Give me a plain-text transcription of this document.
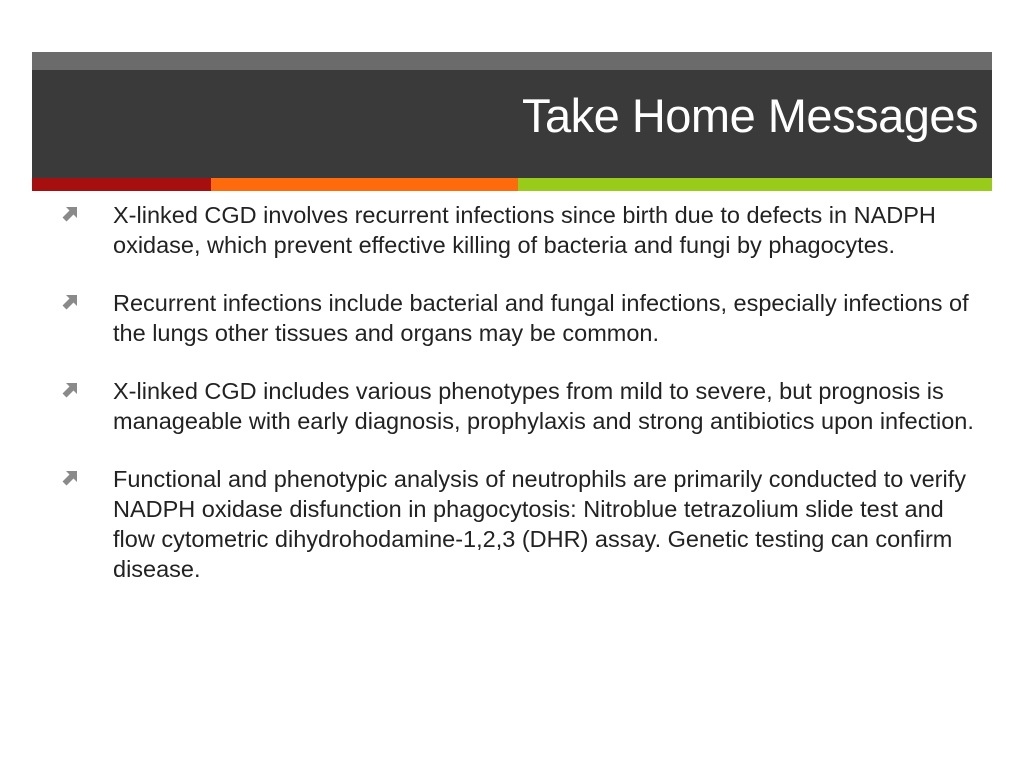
Take Home Messages
X-linked CGD involves recurrent infections since birth due to defects in NADPH oxidase, which prevent effective killing of bacteria and fungi by phagocytes.
Recurrent infections include bacterial and fungal infections, especially infections of the lungs other tissues and organs may be common.
X-linked CGD includes various phenotypes from mild to severe, but prognosis is manageable with early diagnosis, prophylaxis and strong antibiotics upon infection.
Functional and phenotypic analysis of neutrophils are primarily conducted to verify NADPH oxidase disfunction in phagocytosis: Nitroblue tetrazolium slide test and flow cytometric dihydrohodamine-1,2,3 (DHR) assay. Genetic testing can confirm disease.
